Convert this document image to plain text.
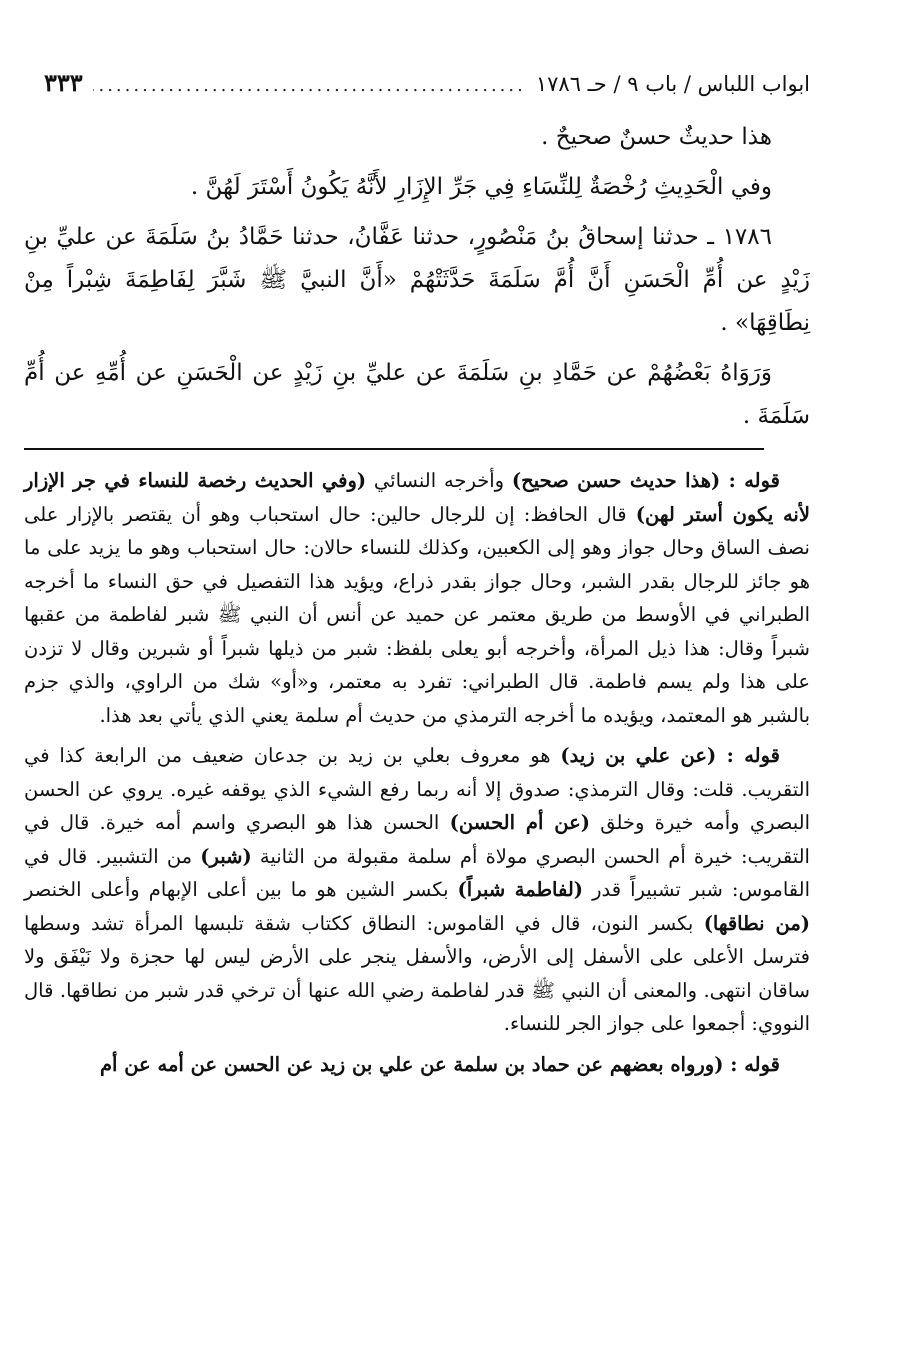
ابواب اللباس / باب ٩ / حـ ١٧٨٦
.....
٣٣٣

هذا حديثٌ حسنٌ صحيحٌ .

وفي الْحَدِيثِ رُخْصَةٌ لِلنِّسَاءِ فِي جَرِّ الإِزَارِ لأَنَّهُ يَكُونُ أَسْتَرَ لَهُنَّ .

١٧٨٦ ـ حدثنا إسحاقُ بنُ مَنْصُورٍ، حدثنا عَفَّانُ، حدثنا حَمَّادُ بنُ سَلَمَةَ عن عليِّ بنِ زَيْدٍ عن أُمِّ الْحَسَنِ أَنَّ أُمَّ سَلَمَةَ حَدَّثَتْهُمْ «أَنَّ النبيَّ ﷺ شَبَّرَ لِفَاطِمَةَ شِبْراً مِنْ نِطَاقِهَا» .

وَرَوَاهُ بَعْضُهُمْ عن حَمَّادِ بنِ سَلَمَةَ عن عليِّ بنِ زَيْدٍ عن الْحَسَنِ عن أُمِّهِ عن أُمِّ سَلَمَةَ .

قوله : (هذا حديث حسن صحيح) وأخرجه النسائي (وفي الحديث رخصة للنساء في جر الإزار لأنه يكون أستر لهن) قال الحافظ: إن للرجال حالين: حال استحباب وهو أن يقتصر بالإزار على نصف الساق وحال جواز وهو إلى الكعبين، وكذلك للنساء حالان: حال استحباب وهو ما يزيد على ما هو جائز للرجال بقدر الشبر، وحال جواز بقدر ذراع، ويؤيد هذا التفصيل في حق النساء ما أخرجه الطبراني في الأوسط من طريق معتمر عن حميد عن أنس أن النبي ﷺ شبر لفاطمة من عقبها شبراً وقال: هذا ذيل المرأة، وأخرجه أبو يعلى بلفظ: شبر من ذيلها شبراً أو شبرين وقال لا تزدن على هذا ولم يسم فاطمة. قال الطبراني: تفرد به معتمر، و«أو» شك من الراوي، والذي جزم بالشبر هو المعتمد، ويؤيده ما أخرجه الترمذي من حديث أم سلمة يعني الذي يأتي بعد هذا.

قوله : (عن علي بن زيد) هو معروف بعلي بن زيد بن جدعان ضعيف من الرابعة كذا في التقريب. قلت: وقال الترمذي: صدوق إلا أنه ربما رفع الشيء الذي يوقفه غيره. يروي عن الحسن البصري وأمه خيرة وخلق (عن أم الحسن) الحسن هذا هو البصري واسم أمه خيرة. قال في التقريب: خيرة أم الحسن البصري مولاة أم سلمة مقبولة من الثانية (شبر) من التشبير. قال في القاموس: شبر تشبيراً قدر (لفاطمة شبراً) بكسر الشين هو ما بين أعلى الإبهام وأعلى الخنصر (من نطاقها) بكسر النون، قال في القاموس: النطاق ككتاب شقة تلبسها المرأة تشد وسطها فترسل الأعلى على الأسفل إلى الأرض، والأسفل ينجر على الأرض ليس لها حجزة ولا نَيْفَق ولا ساقان انتهى. والمعنى أن النبي ﷺ قدر لفاطمة رضي الله عنها أن ترخي قدر شبر من نطاقها. قال النووي: أجمعوا على جواز الجر للنساء.

قوله : (ورواه بعضهم عن حماد بن سلمة عن علي بن زيد عن الحسن عن أمه عن أم
